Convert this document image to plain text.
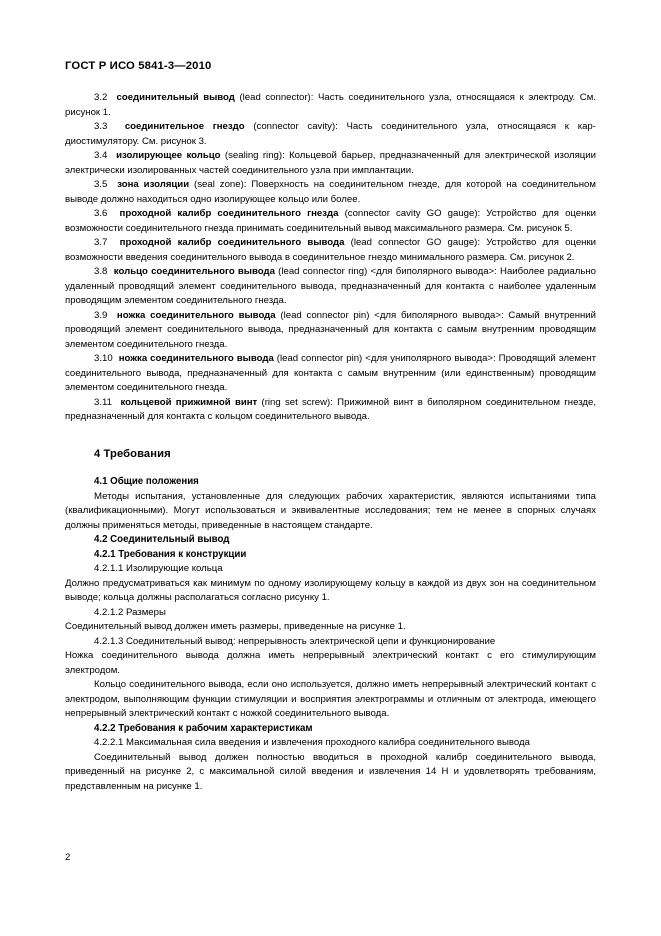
ГОСТ Р ИСО 5841-3—2010

3.2 соединительный вывод (lead connector): Часть соединительного узла, относящаяся к электроду. См. рисунок 1.

3.3 соединительное гнездо (connector cavity): Часть соединительного узла, относящаяся к кардиостимулятору. См. рисунок 3.

3.4 изолирующее кольцо (sealing ring): Кольцевой барьер, предназначенный для электрической изоляции электрически изолированных частей соединительного узла при имплантации.

3.5 зона изоляции (seal zone): Поверхность на соединительном гнезде, для которой на соединительном выводе должно находиться одно изолирующее кольцо или более.

3.6 проходной калибр соединительного гнезда (connector cavity GO gauge): Устройство для оценки возможности соединительного гнезда принимать соединительный вывод максимального размера. См. рисунок 5.

3.7 проходной калибр соединительного вывода (lead connector GO gauge): Устройство для оценки возможности введения соединительного вывода в соединительное гнездо минимального размера. См. рисунок 2.

3.8 кольцо соединительного вывода (lead connector ring) <для биполярного вывода>: Наиболее радиально удаленный проводящий элемент соединительного вывода, предназначенный для контакта с наиболее удаленным проводящим элементом соединительного гнезда.

3.9 ножка соединительного вывода (lead connector pin) <для биполярного вывода>: Самый внутренний проводящий элемент соединительного вывода, предназначенный для контакта с самым внутренним проводящим элементом соединительного гнезда.

3.10 ножка соединительного вывода (lead connector pin) <для униполярного вывода>: Проводящий элемент соединительного вывода, предназначенный для контакта с самым внутренним (или единственным) проводящим элементом соединительного гнезда.

3.11 кольцевой прижимной винт (ring set screw): Прижимной винт в биполярном соединительном гнезде, предназначенный для контакта с кольцом соединительного вывода.

4 Требования
4.1 Общие положения

Методы испытания, установленные для следующих рабочих характеристик, являются испытаниями типа (квалификационными). Могут использоваться и эквивалентные исследования; тем не менее в спорных случаях должны применяться методы, приведенные в настоящем стандарте.

4.2 Соединительный вывод
4.2.1 Требования к конструкции

4.2.1.1 Изолирующие кольца

Должно предусматриваться как минимум по одному изолирующему кольцу в каждой из двух зон на соединительном выводе; кольца должны располагаться согласно рисунку 1.

4.2.1.2 Размеры

Соединительный вывод должен иметь размеры, приведенные на рисунке 1.

4.2.1.3 Соединительный вывод: непрерывность электрической цепи и функционирование

Ножка соединительного вывода должна иметь непрерывный электрический контакт с его стимулирующим электродом.

Кольцо соединительного вывода, если оно используется, должно иметь непрерывный электрический контакт с электродом, выполняющим функции стимуляции и восприятия электрограммы и отличным от электрода, имеющего непрерывный электрический контакт с ножкой соединительного вывода.

4.2.2 Требования к рабочим характеристикам

4.2.2.1 Максимальная сила введения и извлечения проходного калибра соединительного вывода

Соединительный вывод должен полностью вводиться в проходной калибр соединительного вывода, приведенный на рисунке 2, с максимальной силой введения и извлечения 14 Н и удовлетворять требованиям, представленным на рисунке 1.

2
